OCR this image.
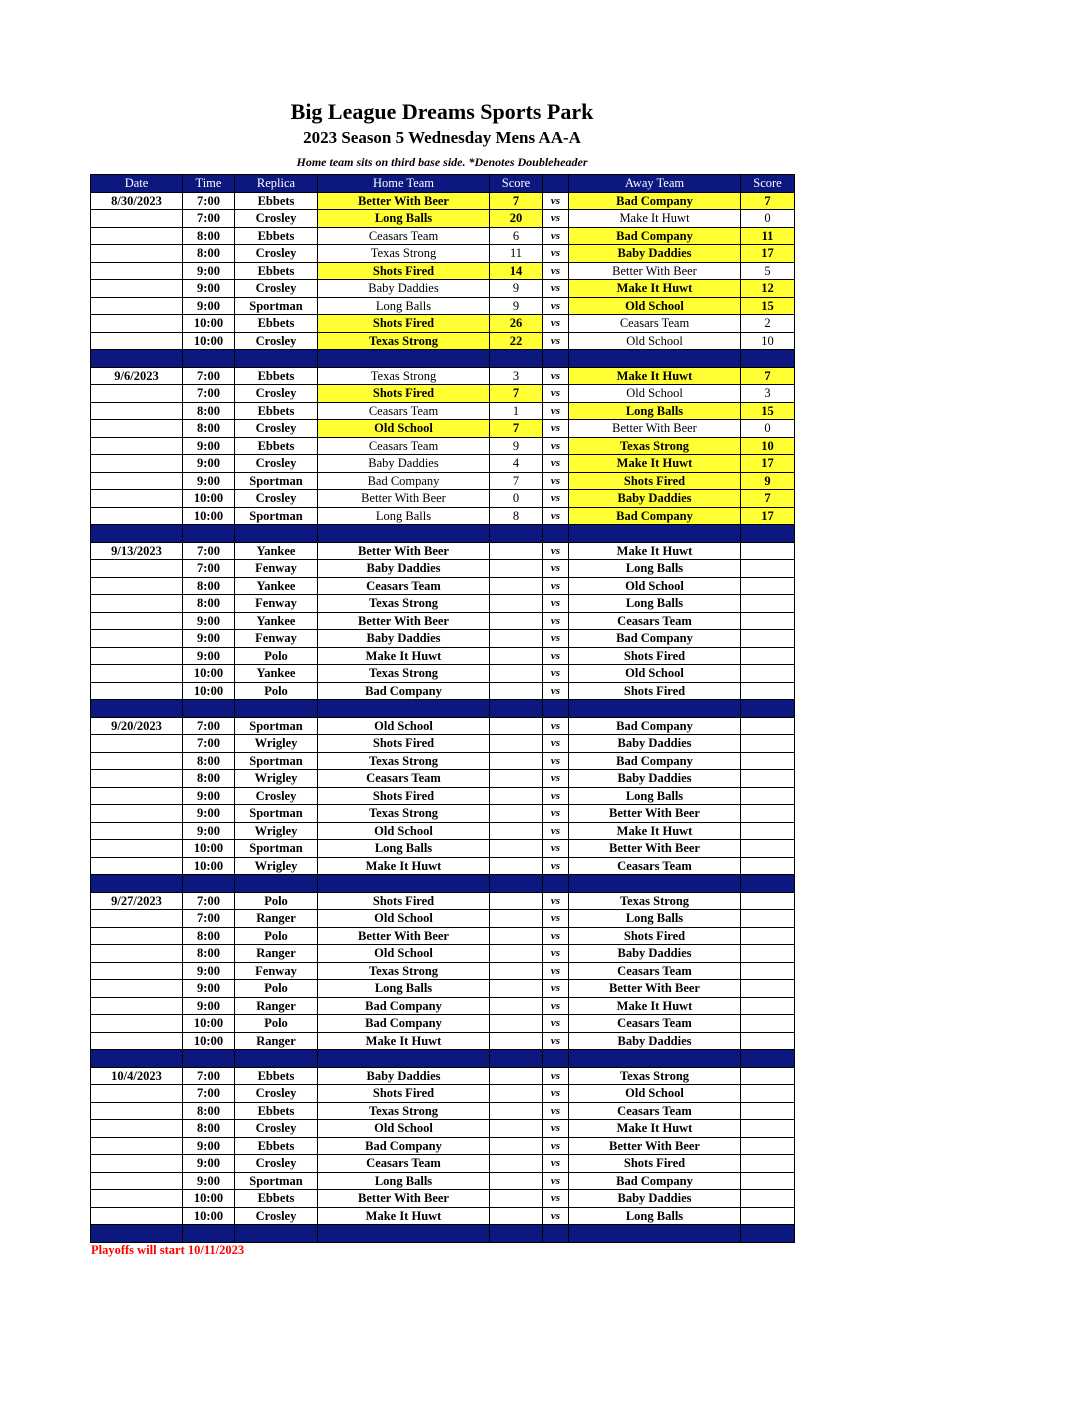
Big League Dreams Sports Park
2023 Season 5 Wednesday Mens AA-A
Home team sits on third base side. *Denotes Doubleheader
Date	Time	Replica	Home Team	Score		Away Team	Score
8/30/2023	7:00	Ebbets	Better With Beer	7	vs	Bad Company	7
	7:00	Crosley	Long Balls	20	vs	Make It Huwt	0
	8:00	Ebbets	Ceasars Team	6	vs	Bad Company	11
	8:00	Crosley	Texas Strong	11	vs	Baby Daddies	17
	9:00	Ebbets	Shots Fired	14	vs	Better With Beer	5
	9:00	Crosley	Baby Daddies	9	vs	Make It Huwt	12
	9:00	Sportman	Long Balls	9	vs	Old School	15
	10:00	Ebbets	Shots Fired	26	vs	Ceasars Team	2
	10:00	Crosley	Texas Strong	22	vs	Old School	10

9/6/2023	7:00	Ebbets	Texas Strong	3	vs	Make It Huwt	7
	7:00	Crosley	Shots Fired	7	vs	Old School	3
	8:00	Ebbets	Ceasars Team	1	vs	Long Balls	15
	8:00	Crosley	Old School	7	vs	Better With Beer	0
	9:00	Ebbets	Ceasars Team	9	vs	Texas Strong	10
	9:00	Crosley	Baby Daddies	4	vs	Make It Huwt	17
	9:00	Sportman	Bad Company	7	vs	Shots Fired	9
	10:00	Crosley	Better With Beer	0	vs	Baby Daddies	7
	10:00	Sportman	Long Balls	8	vs	Bad Company	17

9/13/2023	7:00	Yankee	Better With Beer		vs	Make It Huwt	
	7:00	Fenway	Baby Daddies		vs	Long Balls	
	8:00	Yankee	Ceasars Team		vs	Old School	
	8:00	Fenway	Texas Strong		vs	Long Balls	
	9:00	Yankee	Better With Beer		vs	Ceasars Team	
	9:00	Fenway	Baby Daddies		vs	Bad Company	
	9:00	Polo	Make It Huwt		vs	Shots Fired	
	10:00	Yankee	Texas Strong		vs	Old School	
	10:00	Polo	Bad Company		vs	Shots Fired	

9/20/2023	7:00	Sportman	Old School		vs	Bad Company	
	7:00	Wrigley	Shots Fired		vs	Baby Daddies	
	8:00	Sportman	Texas Strong		vs	Bad Company	
	8:00	Wrigley	Ceasars Team		vs	Baby Daddies	
	9:00	Crosley	Shots Fired		vs	Long Balls	
	9:00	Sportman	Texas Strong		vs	Better With Beer	
	9:00	Wrigley	Old School		vs	Make It Huwt	
	10:00	Sportman	Long Balls		vs	Better With Beer	
	10:00	Wrigley	Make It Huwt		vs	Ceasars Team	

9/27/2023	7:00	Polo	Shots Fired		vs	Texas Strong	
	7:00	Ranger	Old School		vs	Long Balls	
	8:00	Polo	Better With Beer		vs	Shots Fired	
	8:00	Ranger	Old School		vs	Baby Daddies	
	9:00	Fenway	Texas Strong		vs	Ceasars Team	
	9:00	Polo	Long Balls		vs	Better With Beer	
	9:00	Ranger	Bad Company		vs	Make It Huwt	
	10:00	Polo	Bad Company		vs	Ceasars Team	
	10:00	Ranger	Make It Huwt		vs	Baby Daddies	

10/4/2023	7:00	Ebbets	Baby Daddies		vs	Texas Strong	
	7:00	Crosley	Shots Fired		vs	Old School	
	8:00	Ebbets	Texas Strong		vs	Ceasars Team	
	8:00	Crosley	Old School		vs	Make It Huwt	
	9:00	Ebbets	Bad Company		vs	Better With Beer	
	9:00	Crosley	Ceasars Team		vs	Shots Fired	
	9:00	Sportman	Long Balls		vs	Bad Company	
	10:00	Ebbets	Better With Beer		vs	Baby Daddies	
	10:00	Crosley	Make It Huwt		vs	Long Balls	

Playoffs will start 10/11/2023
